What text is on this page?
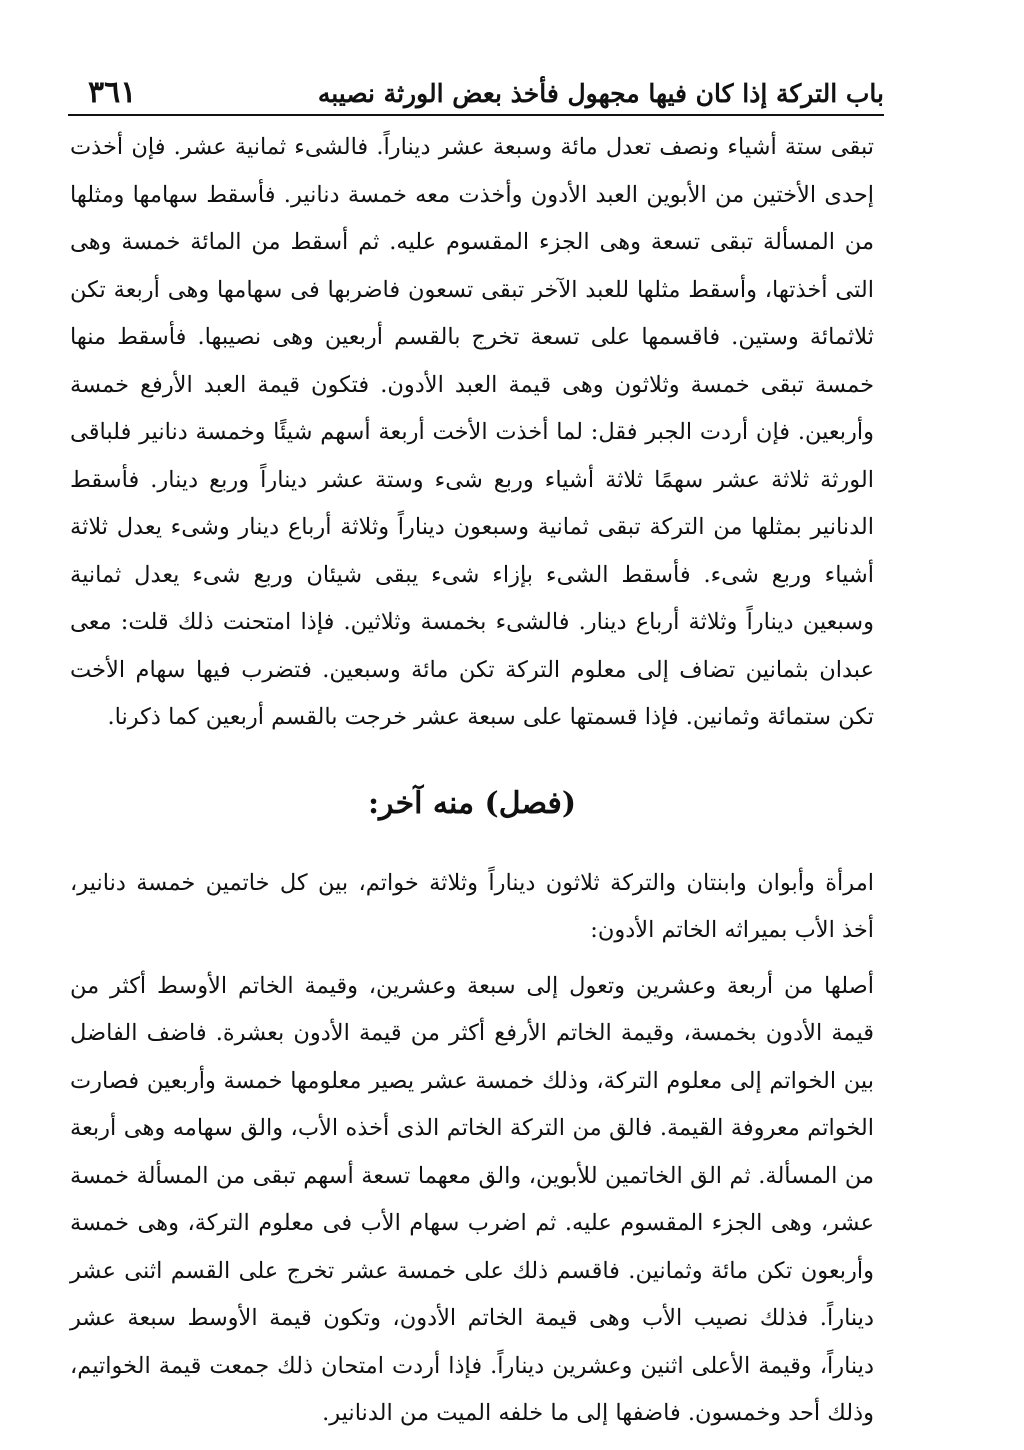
باب التركة إذا كان فيها مجهول فأخذ بعض الورثة نصيبه
٣٦١

تبقى ستة أشياء ونصف تعدل مائة وسبعة عشر ديناراً. فالشىء ثمانية عشر. فإن أخذت إحدى الأختين من الأبوين العبد الأدون وأخذت معه خمسة دنانير. فأسقط سهامها ومثلها من المسألة تبقى تسعة وهى الجزء المقسوم عليه. ثم أسقط من المائة خمسة وهى التى أخذتها، وأسقط مثلها للعبد الآخر تبقى تسعون فاضربها فى سهامها وهى أربعة تكن ثلاثمائة وستين. فاقسمها على تسعة تخرج بالقسم أربعين وهى نصيبها. فأسقط منها خمسة تبقى خمسة وثلاثون وهى قيمة العبد الأدون. فتكون قيمة العبد الأرفع خمسة وأربعين. فإن أردت الجبر فقل: لما أخذت الأخت أربعة أسهم شيئًا وخمسة دنانير فلباقى الورثة ثلاثة عشر سهمًا ثلاثة أشياء وربع شىء وستة عشر ديناراً وربع دينار. فأسقط الدنانير بمثلها من التركة تبقى ثمانية وسبعون ديناراً وثلاثة أرباع دينار وشىء يعدل ثلاثة أشياء وربع شىء. فأسقط الشىء بإزاء شىء يبقى شيئان وربع شىء يعدل ثمانية وسبعين ديناراً وثلاثة أرباع دينار. فالشىء بخمسة وثلاثين. فإذا امتحنت ذلك قلت: معى عبدان بثمانين تضاف إلى معلوم التركة تكن مائة وسبعين. فتضرب فيها سهام الأخت تكن ستمائة وثمانين. فإذا قسمتها على سبعة عشر خرجت بالقسم أربعين كما ذكرنا.

(فصل) منه آخر:

امرأة وأبوان وابنتان والتركة ثلاثون ديناراً وثلاثة خواتم، بين كل خاتمين خمسة دنانير، أخذ الأب بميراثه الخاتم الأدون:

أصلها من أربعة وعشرين وتعول إلى سبعة وعشرين، وقيمة الخاتم الأوسط أكثر من قيمة الأدون بخمسة، وقيمة الخاتم الأرفع أكثر من قيمة الأدون بعشرة. فاضف الفاضل بين الخواتم إلى معلوم التركة، وذلك خمسة عشر يصير معلومها خمسة وأربعين فصارت الخواتم معروفة القيمة. فالق من التركة الخاتم الذى أخذه الأب، والق سهامه وهى أربعة من المسألة. ثم الق الخاتمين للأبوين، والق معهما تسعة أسهم تبقى من المسألة خمسة عشر، وهى الجزء المقسوم عليه. ثم اضرب سهام الأب فى معلوم التركة، وهى خمسة وأربعون تكن مائة وثمانين. فاقسم ذلك على خمسة عشر تخرج على القسم اثنى عشر ديناراً. فذلك نصيب الأب وهى قيمة الخاتم الأدون، وتكون قيمة الأوسط سبعة عشر ديناراً، وقيمة الأعلى اثنين وعشرين ديناراً. فإذا أردت امتحان ذلك جمعت قيمة الخواتيم، وذلك أحد وخمسون. فاضفها إلى ما خلفه الميت من الدنانير.
